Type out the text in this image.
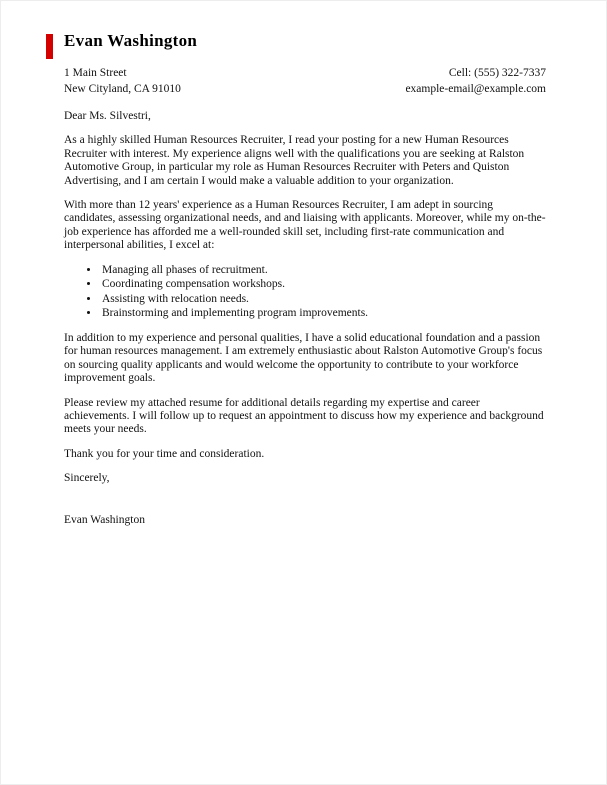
Evan Washington
1 Main Street
New Cityland, CA 91010
Cell: (555) 322-7337
example-email@example.com

Dear Ms. Silvestri,

As a highly skilled Human Resources Recruiter, I read your posting for a new Human Resources Recruiter with interest. My experience aligns well with the qualifications you are seeking at Ralston Automotive Group, in particular my role as Human Resources Recruiter with Peters and Quiston Advertising, and I am certain I would make a valuable addition to your organization.

With more than 12 years' experience as a Human Resources Recruiter, I am adept in sourcing candidates, assessing organizational needs, and and liaising with applicants. Moreover, while my on-the-job experience has afforded me a well-rounded skill set, including first-rate communication and interpersonal abilities, I excel at:

• Managing all phases of recruitment.
• Coordinating compensation workshops.
• Assisting with relocation needs.
• Brainstorming and implementing program improvements.

In addition to my experience and personal qualities, I have a solid educational foundation and a passion for human resources management. I am extremely enthusiastic about Ralston Automotive Group's focus on sourcing quality applicants and would welcome the opportunity to contribute to your workforce improvement goals.

Please review my attached resume for additional details regarding my expertise and career achievements. I will follow up to request an appointment to discuss how my experience and background meets your needs.

Thank you for your time and consideration.

Sincerely,

Evan Washington
